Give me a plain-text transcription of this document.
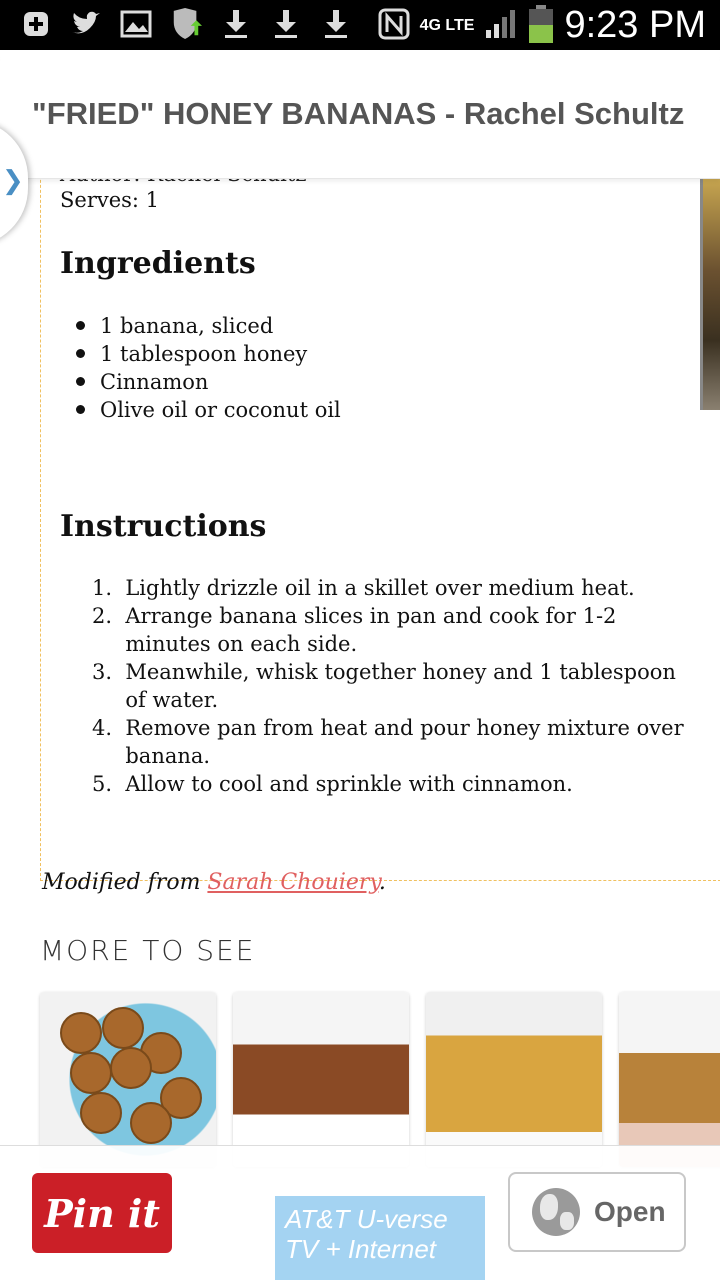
4G LTE 9:23 PM
❯
Serves: 1
Ingredients
1 banana, sliced
1 tablespoon honey
Cinnamon
Olive oil or coconut oil
Instructions
1.
Lightly drizzle oil in a skillet over medium heat.
2.
Arrange banana slices in pan and cook for 1-2 minutes on each side.
3.
Meanwhile, whisk together honey and 1 tablespoon of water.
4.
Remove pan from heat and pour honey mixture over banana.
5.
Allow to cool and sprinkle with cinnamon.
Modified from Sarah Chouiery.
MORE TO SEE
"FRIED" HONEY BANANAS - Rachel Schultz
Pin it	AT&T U-verse TV + Internet
Open
